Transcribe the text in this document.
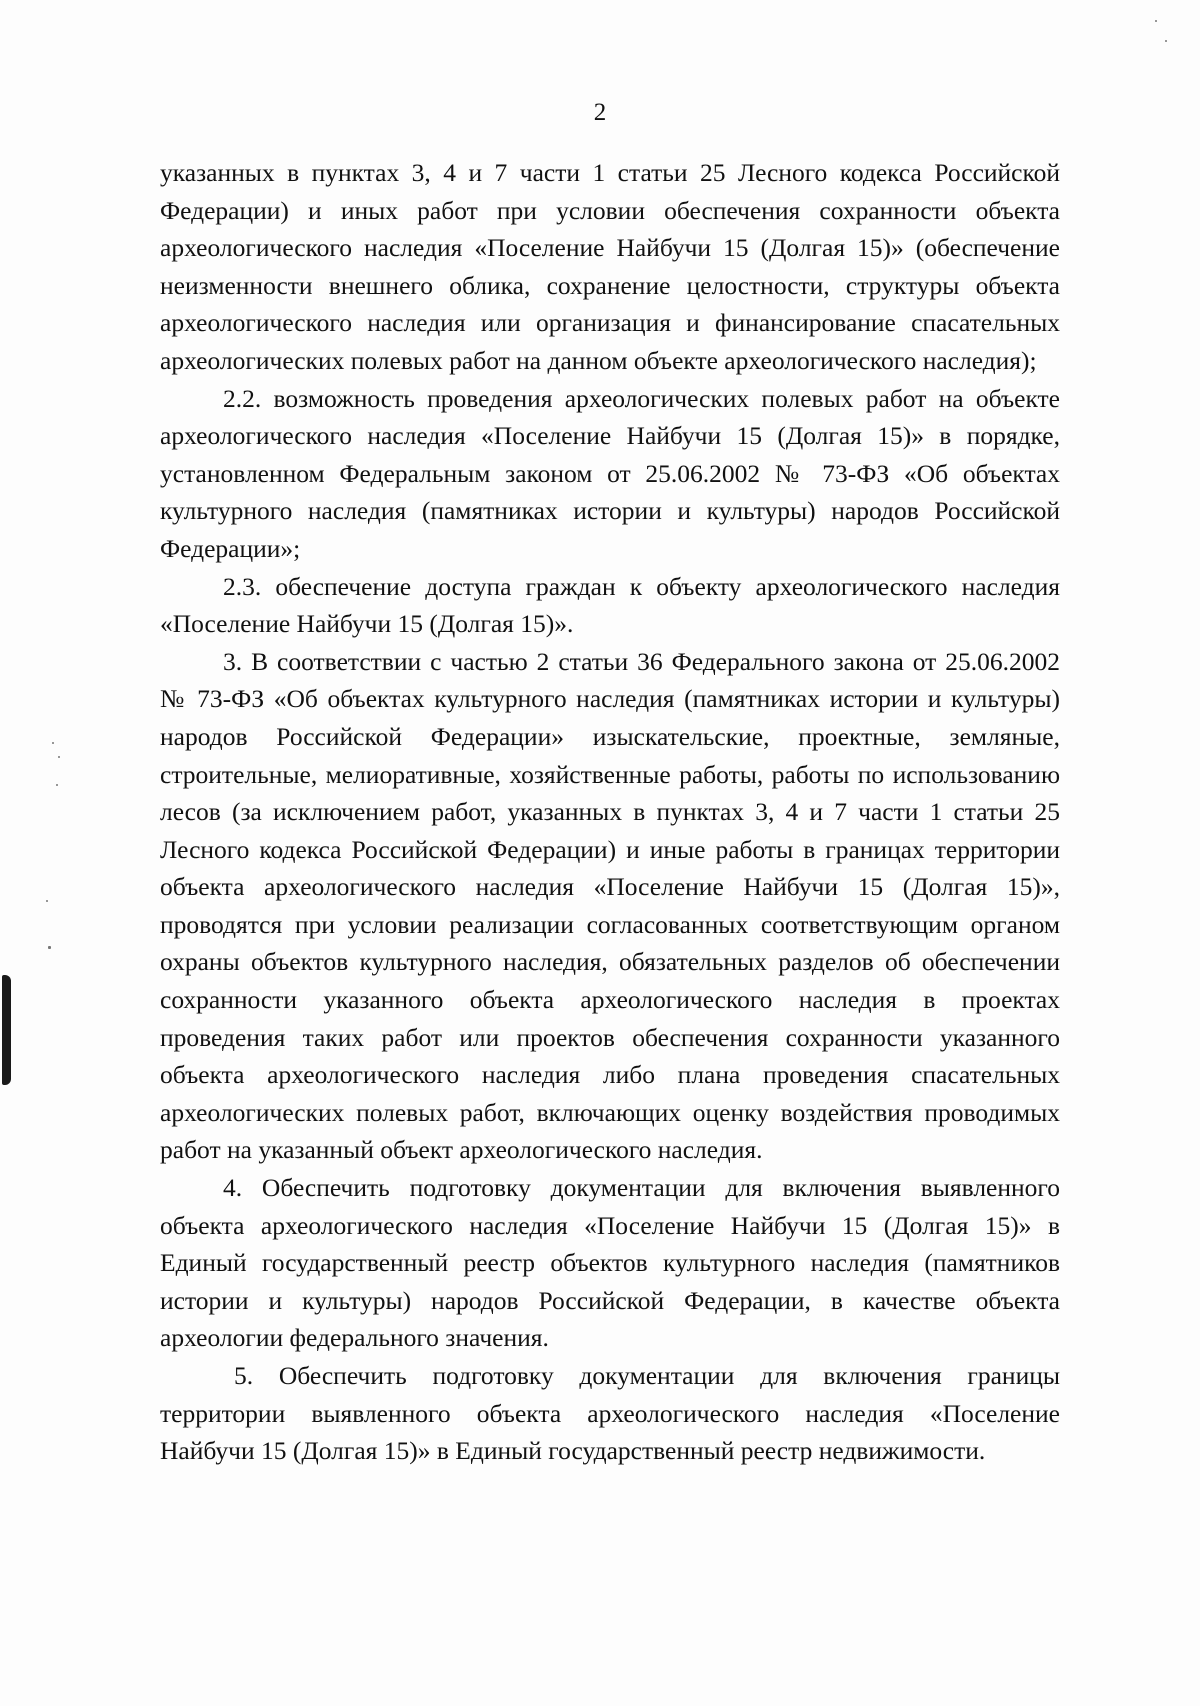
2

указанных в пунктах 3, 4 и 7 части 1 статьи 25 Лесного кодекса Российской Федерации) и иных работ при условии обеспечения сохранности объекта археологического наследия «Поселение Найбучи 15 (Долгая 15)» (обеспечение неизменности внешнего облика, сохранение целостности, структуры объекта археологического наследия или организация и финансирование спасательных археологических полевых работ на данном объекте археологического наследия);

2.2. возможность проведения археологических полевых работ на объекте археологического наследия «Поселение Найбучи 15 (Долгая 15)» в порядке, установленном Федеральным законом от 25.06.2002 № 73-ФЗ «Об объектах культурного наследия (памятниках истории и культуры) народов Российской Федерации»;

2.3. обеспечение доступа граждан к объекту археологического наследия «Поселение Найбучи 15 (Долгая 15)».

3. В соответствии с частью 2 статьи 36 Федерального закона от 25.06.2002 № 73-ФЗ «Об объектах культурного наследия (памятниках истории и культуры) народов Российской Федерации» изыскательские, проектные, земляные, строительные, мелиоративные, хозяйственные работы, работы по использованию лесов (за исключением работ, указанных в пунктах 3, 4 и 7 части 1 статьи 25 Лесного кодекса Российской Федерации) и иные работы в границах территории объекта археологического наследия «Поселение Найбучи 15 (Долгая 15)», проводятся при условии реализации согласованных соответствующим органом охраны объектов культурного наследия, обязательных разделов об обеспечении сохранности указанного объекта археологического наследия в проектах проведения таких работ или проектов обеспечения сохранности указанного объекта археологического наследия либо плана проведения спасательных археологических полевых работ, включающих оценку воздействия проводимых работ на указанный объект археологического наследия.

4. Обеспечить подготовку документации для включения выявленного объекта археологического наследия «Поселение Найбучи 15 (Долгая 15)» в Единый государственный реестр объектов культурного наследия (памятников истории и культуры) народов Российской Федерации, в качестве объекта археологии федерального значения.

5. Обеспечить подготовку документации для включения границы территории выявленного объекта археологического наследия «Поселение Найбучи 15 (Долгая 15)» в Единый государственный реестр недвижимости.
